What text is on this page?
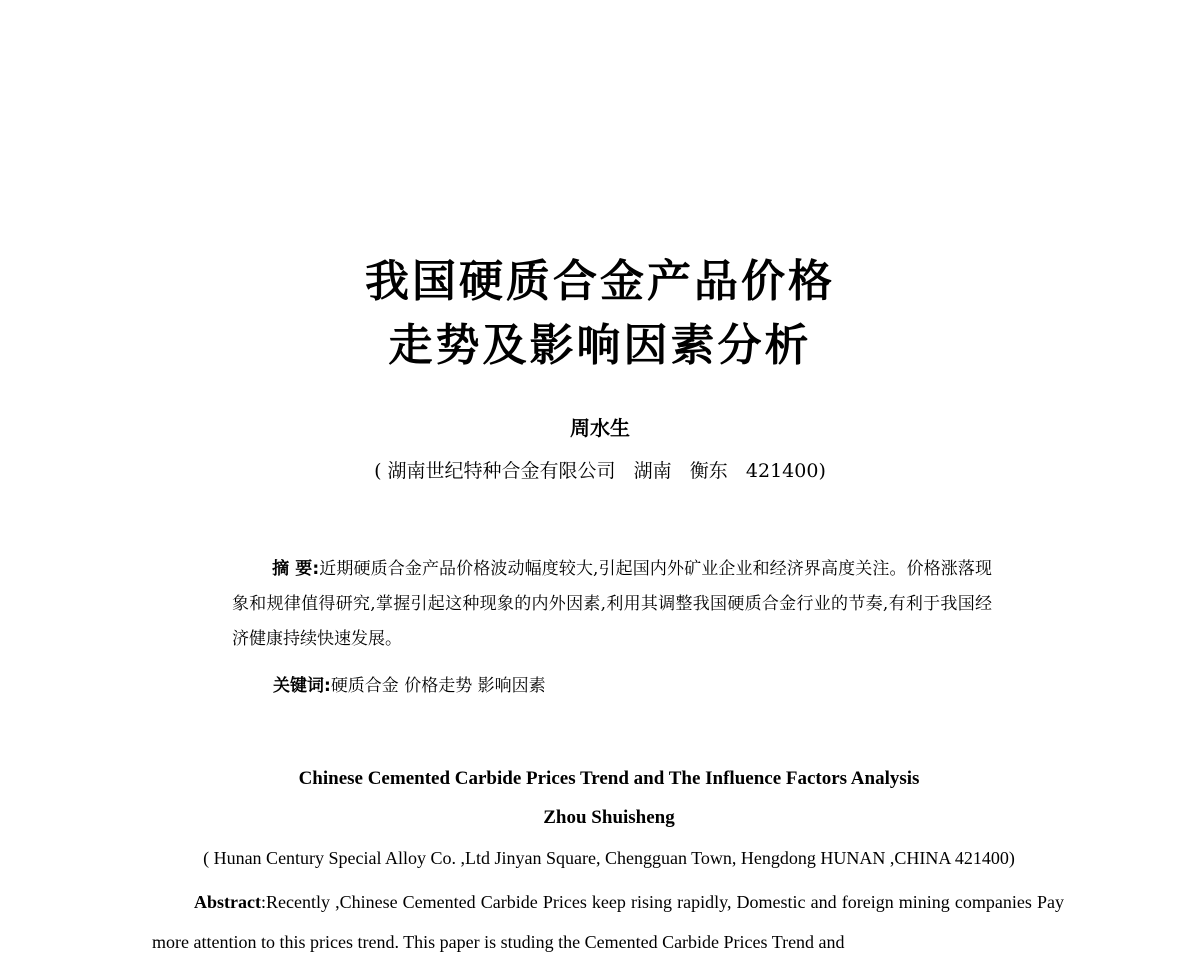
我国硬质合金产品价格
走势及影响因素分析
周水生
( 湖南世纪特种合金有限公司   湖南   衡东   421400)
摘 要:近期硬质合金产品价格波动幅度较大,引起国内外矿业企业和经济界高度关注。价格涨落现象和规律值得研究,掌握引起这种现象的内外因素,利用其调整我国硬质合金行业的节奏,有利于我国经济健康持续快速发展。
关键词:硬质合金 价格走势 影响因素
Chinese Cemented Carbide Prices Trend and The Influence Factors Analysis
Zhou Shuisheng
( Hunan Century Special Alloy Co. ,Ltd Jinyan Square, Chengguan Town, Hengdong HUNAN ,CHINA 421400)
Abstract:Recently ,Chinese Cemented Carbide Prices keep rising rapidly, Domestic and foreign mining companies Pay more attention to this prices trend. This paper is studing the Cemented Carbide Prices Trend and
